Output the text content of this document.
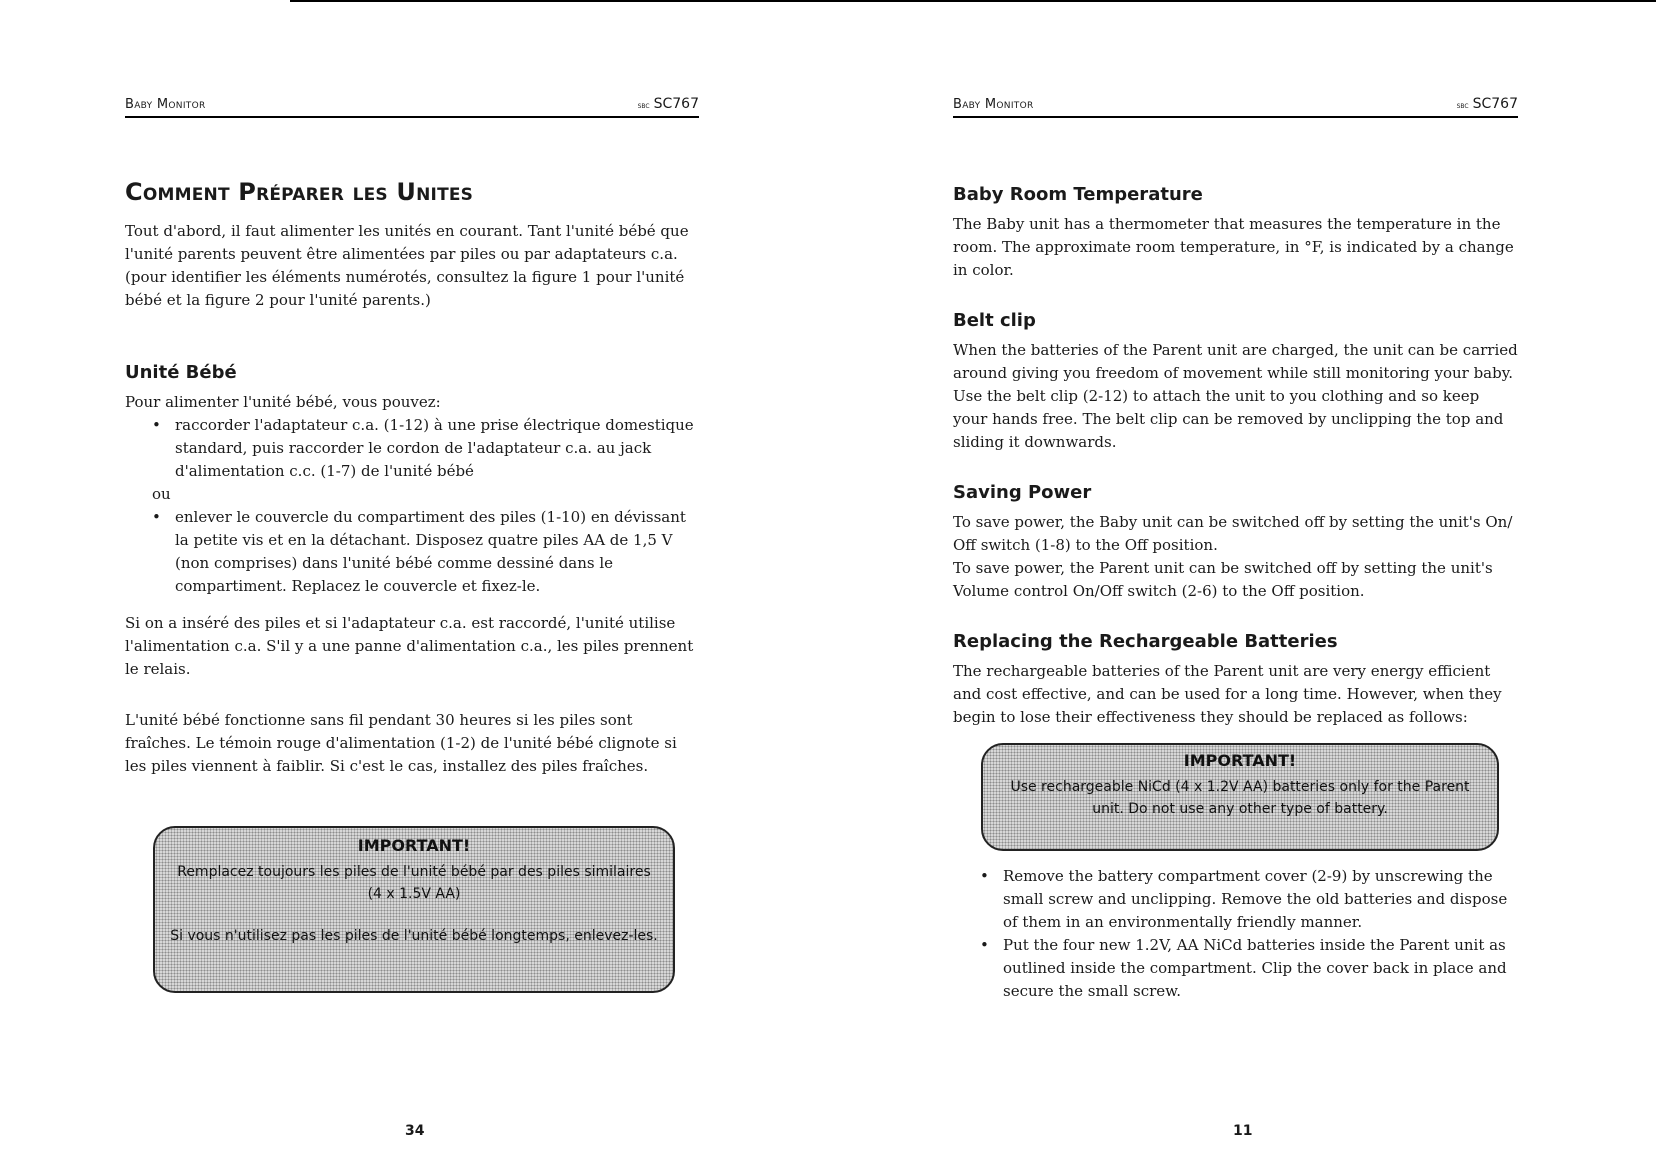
Baby Monitor	sbc SC767
Comment Préparer les Unites

Tout d'abord, il faut alimenter les unités en courant. Tant l'unité bébé que l'unité parents peuvent être alimentées par piles ou par adaptateurs c.a. (pour identifier les éléments numérotés, consultez la figure 1 pour l'unité bébé et la figure 2 pour l'unité parents.)

Unité Bébé

Pour alimenter l'unité bébé, vous pouvez:

• raccorder l'adaptateur c.a. (1-12) à une prise électrique domestique standard, puis raccorder le cordon de l'adaptateur c.a. au jack d'alimentation c.c. (1-7) de l'unité bébé
ou
• enlever le couvercle du compartiment des piles (1-10) en dévissant la petite vis et en la détachant. Disposez quatre piles AA de 1,5 V (non comprises) dans l'unité bébé comme dessiné dans le compartiment. Replacez le couvercle et fixez-le.

Si on a inséré des piles et si l'adaptateur c.a. est raccordé, l'unité utilise l'alimentation c.a. S'il y a une panne d'alimentation c.a., les piles prennent le relais.

L'unité bébé fonctionne sans fil pendant 30 heures si les piles sont fraîches. Le témoin rouge d'alimentation (1-2) de l'unité bébé clignote si les piles viennent à faiblir. Si c'est le cas, installez des piles fraîches.

IMPORTANT!
Remplacez toujours les piles de l'unité bébé par des piles similaires
(4 x 1.5V AA)
Si vous n'utilisez pas les piles de l'unité bébé longtemps, enlevez-les.
34
Baby Monitor	sbc SC767
Baby Room Temperature

The Baby unit has a thermometer that measures the temperature in the room. The approximate room temperature, in °F, is indicated by a change in color.

Belt clip

When the batteries of the Parent unit are charged, the unit can be carried around giving you freedom of movement while still monitoring your baby. Use the belt clip (2-12) to attach the unit to you clothing and so keep your hands free. The belt clip can be removed by unclipping the top and sliding it downwards.

Saving Power

To save power, the Baby unit can be switched off by setting the unit's On/ Off switch (1-8) to the Off position.

To save power, the Parent unit can be switched off by setting the unit's Volume control On/Off switch (2-6) to the Off position.

Replacing the Rechargeable Batteries

The rechargeable batteries of the Parent unit are very energy efficient and cost effective, and can be used for a long time. However, when they begin to lose their effectiveness they should be replaced as follows:

IMPORTANT!
Use rechargeable NiCd (4 x 1.2V AA) batteries only for the Parent
unit. Do not use any other type of battery.
• Remove the battery compartment cover (2-9) by unscrewing the small screw and unclipping. Remove the old batteries and dispose of them in an environmentally friendly manner.
• Put the four new 1.2V, AA NiCd batteries inside the Parent unit as outlined inside the compartment. Clip the cover back in place and secure the small screw.
11
